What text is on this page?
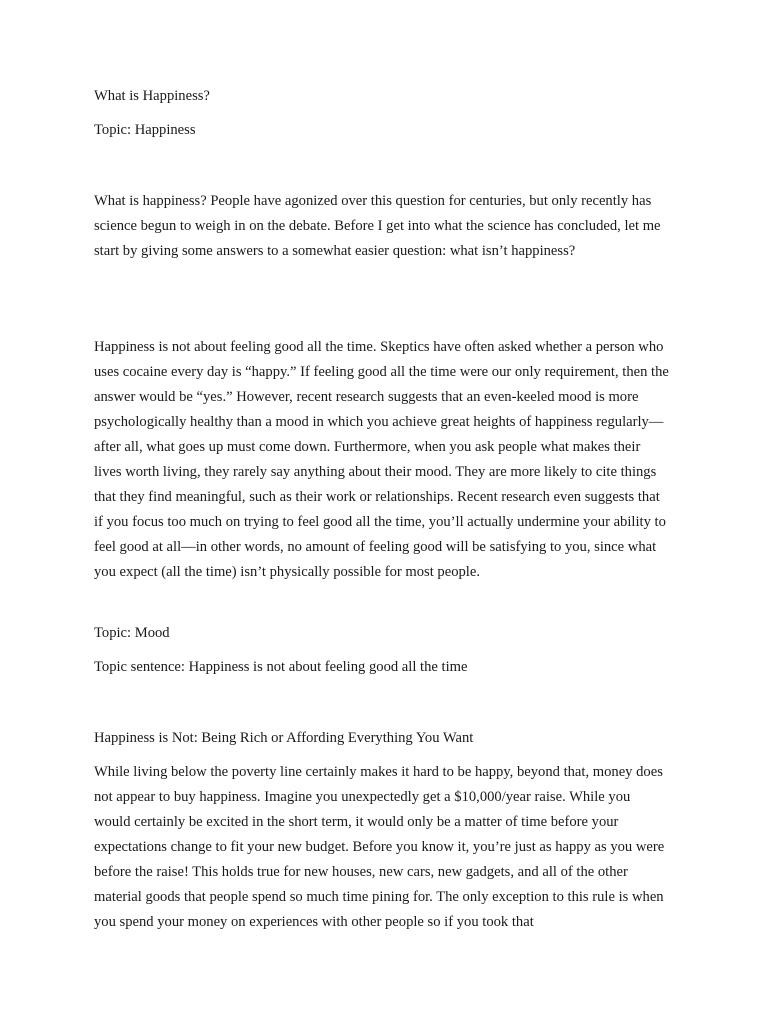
What is Happiness?

Topic: Happiness

What is happiness? People have agonized over this question for centuries, but only recently has science begun to weigh in on the debate. Before I get into what the science has concluded, let me start by giving some answers to a somewhat easier question: what isn’t happiness?

Happiness is not about feeling good all the time. Skeptics have often asked whether a person who uses cocaine every day is “happy.” If feeling good all the time were our only requirement, then the answer would be “yes.” However, recent research suggests that an even-keeled mood is more psychologically healthy than a mood in which you achieve great heights of happiness regularly—after all, what goes up must come down. Furthermore, when you ask people what makes their lives worth living, they rarely say anything about their mood. They are more likely to cite things that they find meaningful, such as their work or relationships. Recent research even suggests that if you focus too much on trying to feel good all the time, you’ll actually undermine your ability to feel good at all—in other words, no amount of feeling good will be satisfying to you, since what you expect (all the time) isn’t physically possible for most people.

Topic: Mood

Topic sentence: Happiness is not about feeling good all the time

Happiness is Not: Being Rich or Affording Everything You Want

While living below the poverty line certainly makes it hard to be happy, beyond that, money does not appear to buy happiness. Imagine you unexpectedly get a $10,000/year raise. While you would certainly be excited in the short term, it would only be a matter of time before your expectations change to fit your new budget. Before you know it, you’re just as happy as you were before the raise! This holds true for new houses, new cars, new gadgets, and all of the other material goods that people spend so much time pining for. The only exception to this rule is when you spend your money on experiences with other people so if you took that
